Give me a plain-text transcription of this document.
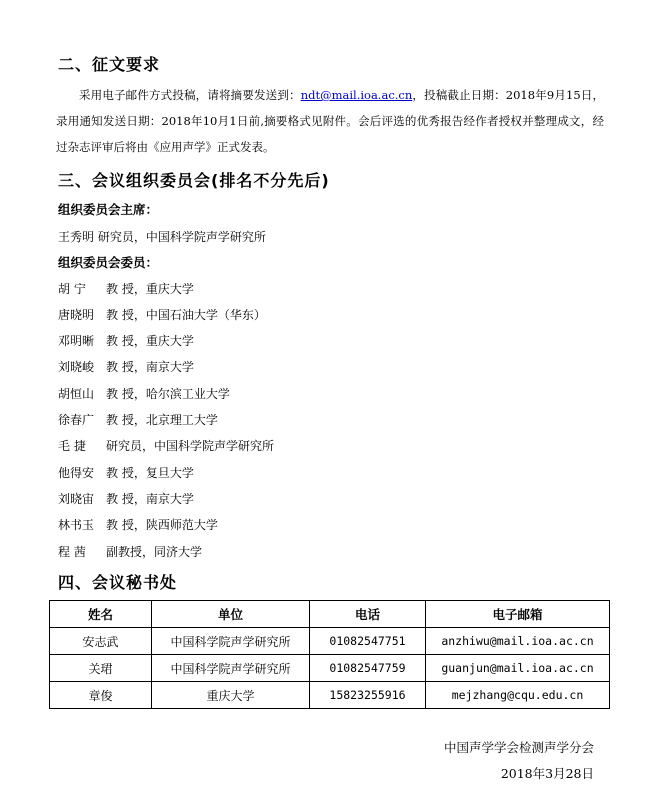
二、征文要求
采用电子邮件方式投稿，请将摘要发送到：ndt@mail.ioa.ac.cn，投稿截止日期：2018年9月15日，录用通知发送日期：2018年10月1日前,摘要格式见附件。会后评选的优秀报告经作者授权并整理成文，经过杂志评审后将由《应用声学》正式发表。
三、会议组织委员会(排名不分先后)
组织委员会主席：
王秀明 研究员，中国科学院声学研究所
组织委员会委员：
胡 宁 教 授，重庆大学
唐晓明 教 授，中国石油大学（华东）
邓明晰 教 授，重庆大学
刘晓峻 教 授，南京大学
胡恒山 教 授，哈尔滨工业大学
徐春广 教 授，北京理工大学
毛 捷 研究员，中国科学院声学研究所
他得安 教 授，复旦大学
刘晓宙 教 授，南京大学
林书玉 教 授，陕西师范大学
程 茜 副教授，同济大学
四、会议秘书处
姓名	单位	电话	电子邮箱
安志武	中国科学院声学研究所	01082547751	anzhiwu@mail.ioa.ac.cn
关珺	中国科学院声学研究所	01082547759	guanjun@mail.ioa.ac.cn
章俊	重庆大学	15823255916	mejzhang@cqu.edu.cn
中国声学学会检测声学分会
2018年3月28日
